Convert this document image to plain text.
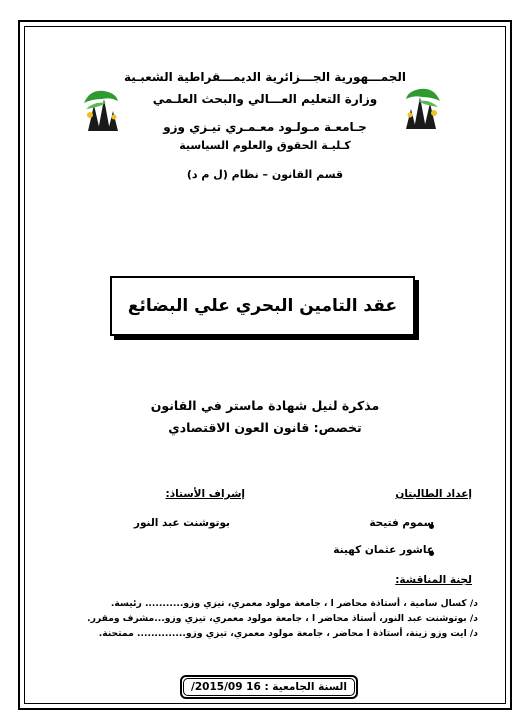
الجمـــهورية الجـــزائرية الديمـــقراطية الشعبـية
وزارة التعليم العـــالي والبحث العلـمي
جـامعـة مـولـود معـمـري تيـزي وزو
كـليـة الحقوق والعلوم السياسية
قسم القانون – نظام (ل م د)
عقد التامين البحري علي البضائع
مذكرة لنيل شهادة ماستر في القانون
تخصص: قانون العون الاقتصادي
إشراف الأستاذ:	إعداد الطالبتان
بوتوشنت عبد النور	سموم فتيحة
عاشور عثمان كهينة
لجنة المناقشة:
د/ كسال سامية ، أستاذة محاضر ا ، جامعة مولود معمري، تيزي وزو........... رئيسة.
د/ بوتوشنت عبد النور، أستاذ محاضر ا ، جامعة مولود معمري، تيزي وزو...مشرف ومقرر.
د/ ايت وزو زينة، أستاذة ا محاضر ، جامعة مولود معمري، تيزي وزو.............. ممتحنة.
السنة الجامعية : 16 2015/09/
